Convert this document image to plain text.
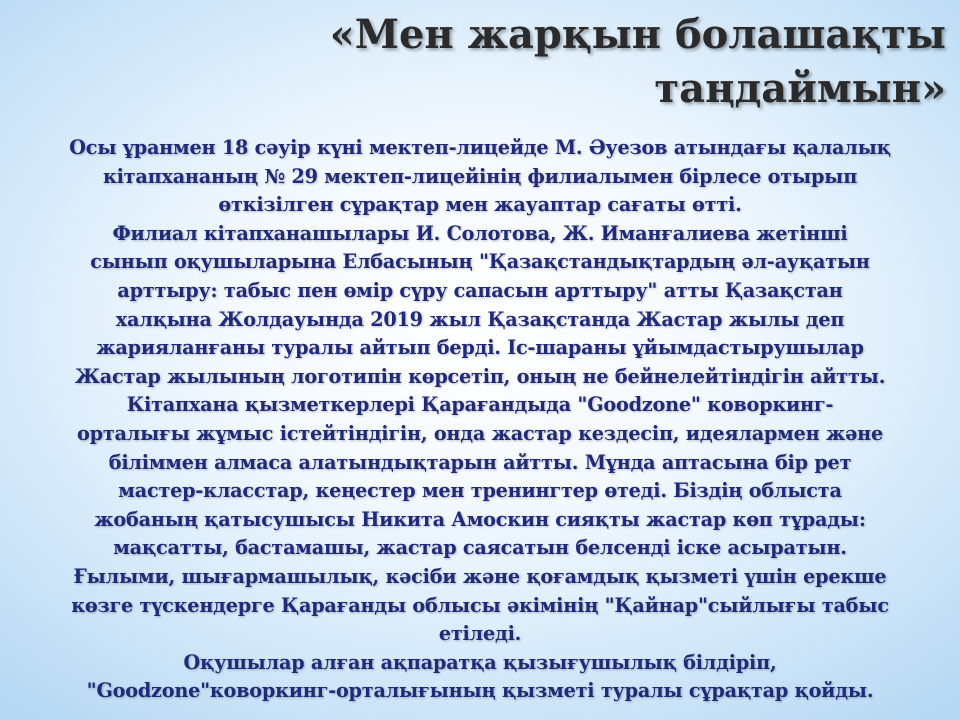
«Мен жарқын болашақты
таңдаймын»
Осы ұранмен 18 сәуір күні мектеп-лицейде М. Әуезов атындағы қалалық
кітапхананың № 29 мектеп-лицейінің филиалымен бірлесе отырып
өткізілген сұрақтар мен жауаптар сағаты өтті.
Филиал кітапханашылары И. Солотова, Ж. Иманғалиева жетінші
сынып оқушыларына Елбасының "Қазақстандықтардың әл-ауқатын
арттыру: табыс пен өмір сүру сапасын арттыру" атты Қазақстан
халқына Жолдауында 2019 жыл Қазақстанда Жастар жылы деп
жарияланғаны туралы айтып берді. Іс-шараны ұйымдастырушылар
Жастар жылының логотипін көрсетіп, оның не бейнелейтіндігін айтты.
Кітапхана қызметкерлері Қарағандыда "Goodzone" коворкинг-
орталығы жұмыс істейтіндігін, онда жастар кездесіп, идеялармен және
біліммен алмаса алатындықтарын айтты. Мұнда аптасына бір рет
мастер-класстар, кеңестер мен тренингтер өтеді. Біздің облыста
жобаның қатысушысы Никита Амоскин сияқты жастар көп тұрады:
мақсатты, бастамашы, жастар саясатын белсенді іске асыратын.
Ғылыми, шығармашылық, кәсіби және қоғамдық қызметі үшін ерекше
көзге түскендерге Қарағанды облысы әкімінің "Қайнар"сыйлығы табыс
етіледі.
Оқушылар алған ақпаратқа қызығушылық білдіріп,
"Goodzone"коворкинг-орталығының қызметі туралы сұрақтар қойды.
